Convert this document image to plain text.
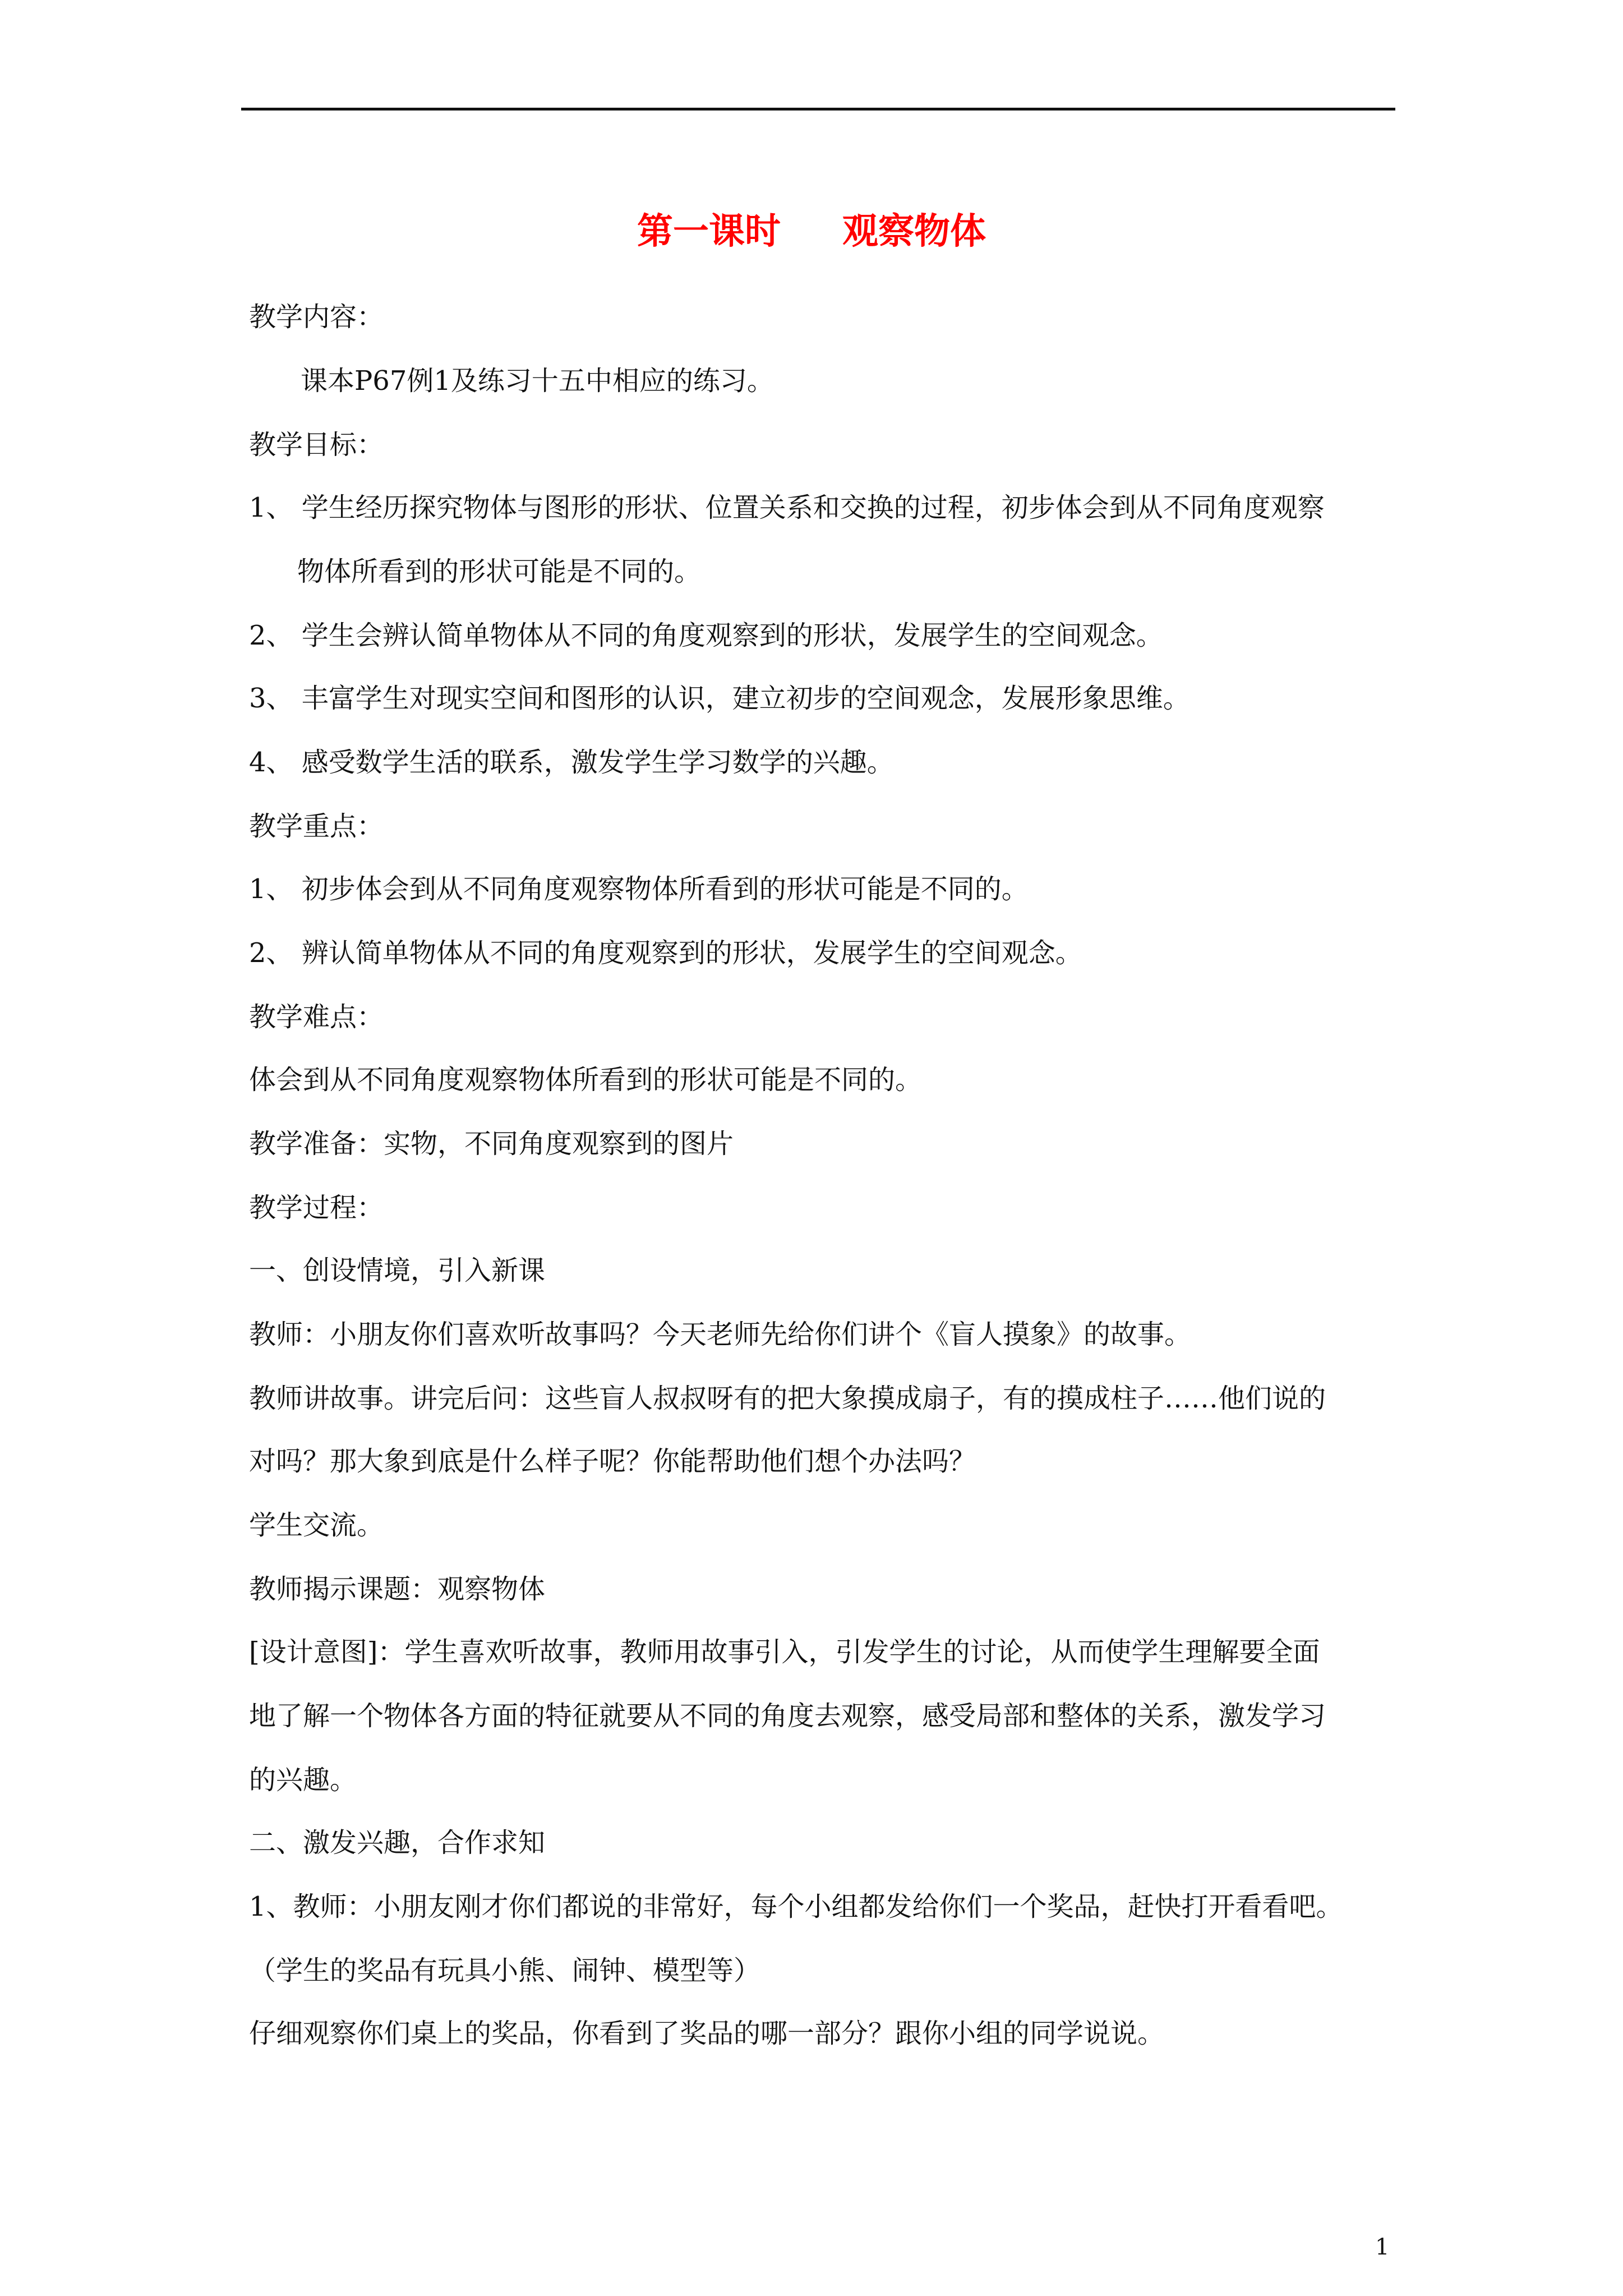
第一课时 观察物体
教学内容：
课本P67例1及练习十五中相应的练习。
教学目标：
1、 学生经历探究物体与图形的形状、位置关系和交换的过程，初步体会到从不同角度观察
物体所看到的形状可能是不同的。
2、 学生会辨认简单物体从不同的角度观察到的形状，发展学生的空间观念。
3、 丰富学生对现实空间和图形的认识，建立初步的空间观念，发展形象思维。
4、 感受数学生活的联系，激发学生学习数学的兴趣。
教学重点：
1、 初步体会到从不同角度观察物体所看到的形状可能是不同的。
2、 辨认简单物体从不同的角度观察到的形状，发展学生的空间观念。
教学难点：
体会到从不同角度观察物体所看到的形状可能是不同的。
教学准备：实物，不同角度观察到的图片
教学过程：
一、创设情境，引入新课
教师：小朋友你们喜欢听故事吗？今天老师先给你们讲个《盲人摸象》的故事。
教师讲故事。讲完后问：这些盲人叔叔呀有的把大象摸成扇子，有的摸成柱子……他们说的
对吗？那大象到底是什么样子呢？你能帮助他们想个办法吗？
学生交流。
教师揭示课题：观察物体
[设计意图]：学生喜欢听故事，教师用故事引入，引发学生的讨论，从而使学生理解要全面
地了解一个物体各方面的特征就要从不同的角度去观察，感受局部和整体的关系，激发学习
的兴趣。
二、激发兴趣，合作求知
1、教师：小朋友刚才你们都说的非常好，每个小组都发给你们一个奖品，赶快打开看看吧。
（学生的奖品有玩具小熊、闹钟、模型等）
仔细观察你们桌上的奖品，你看到了奖品的哪一部分？跟你小组的同学说说。
1
